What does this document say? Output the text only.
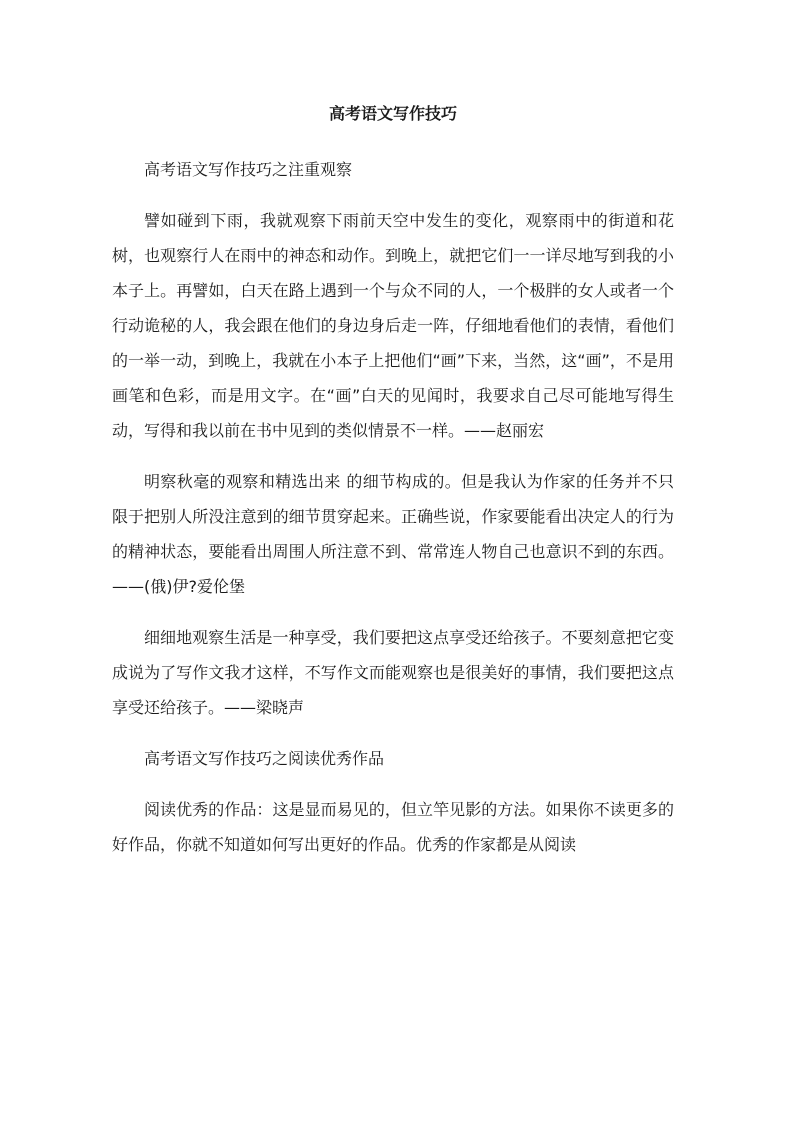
高考语文写作技巧

高考语文写作技巧之注重观察

譬如碰到下雨，我就观察下雨前天空中发生的变化，观察雨中的街道和花树，也观察行人在雨中的神态和动作。到晚上，就把它们一一详尽地写到我的小本子上。再譬如，白天在路上遇到一个与众不同的人，一个极胖的女人或者一个行动诡秘的人，我会跟在他们的身边身后走一阵，仔细地看他们的表情，看他们的一举一动，到晚上，我就在小本子上把他们“画”下来，当然，这“画”，不是用画笔和色彩，而是用文字。在“画”白天的见闻时，我要求自己尽可能地写得生动，写得和我以前在书中见到的类似情景不一样。——赵丽宏

明察秋毫的观察和精选出来 的细节构成的。但是我认为作家的任务并不只限于把别人所没注意到的细节贯穿起来。正确些说，作家要能看出决定人的行为的精神状态，要能看出周围人所注意不到、常常连人物自己也意识不到的东西。——(俄)伊?爱伦堡

细细地观察生活是一种享受，我们要把这点享受还给孩子。不要刻意把它变成说为了写作文我才这样，不写作文而能观察也是很美好的事情，我们要把这点享受还给孩子。——梁晓声

高考语文写作技巧之阅读优秀作品

阅读优秀的作品：这是显而易见的，但立竿见影的方法。如果你不读更多的好作品，你就不知道如何写出更好的作品。优秀的作家都是从阅读
